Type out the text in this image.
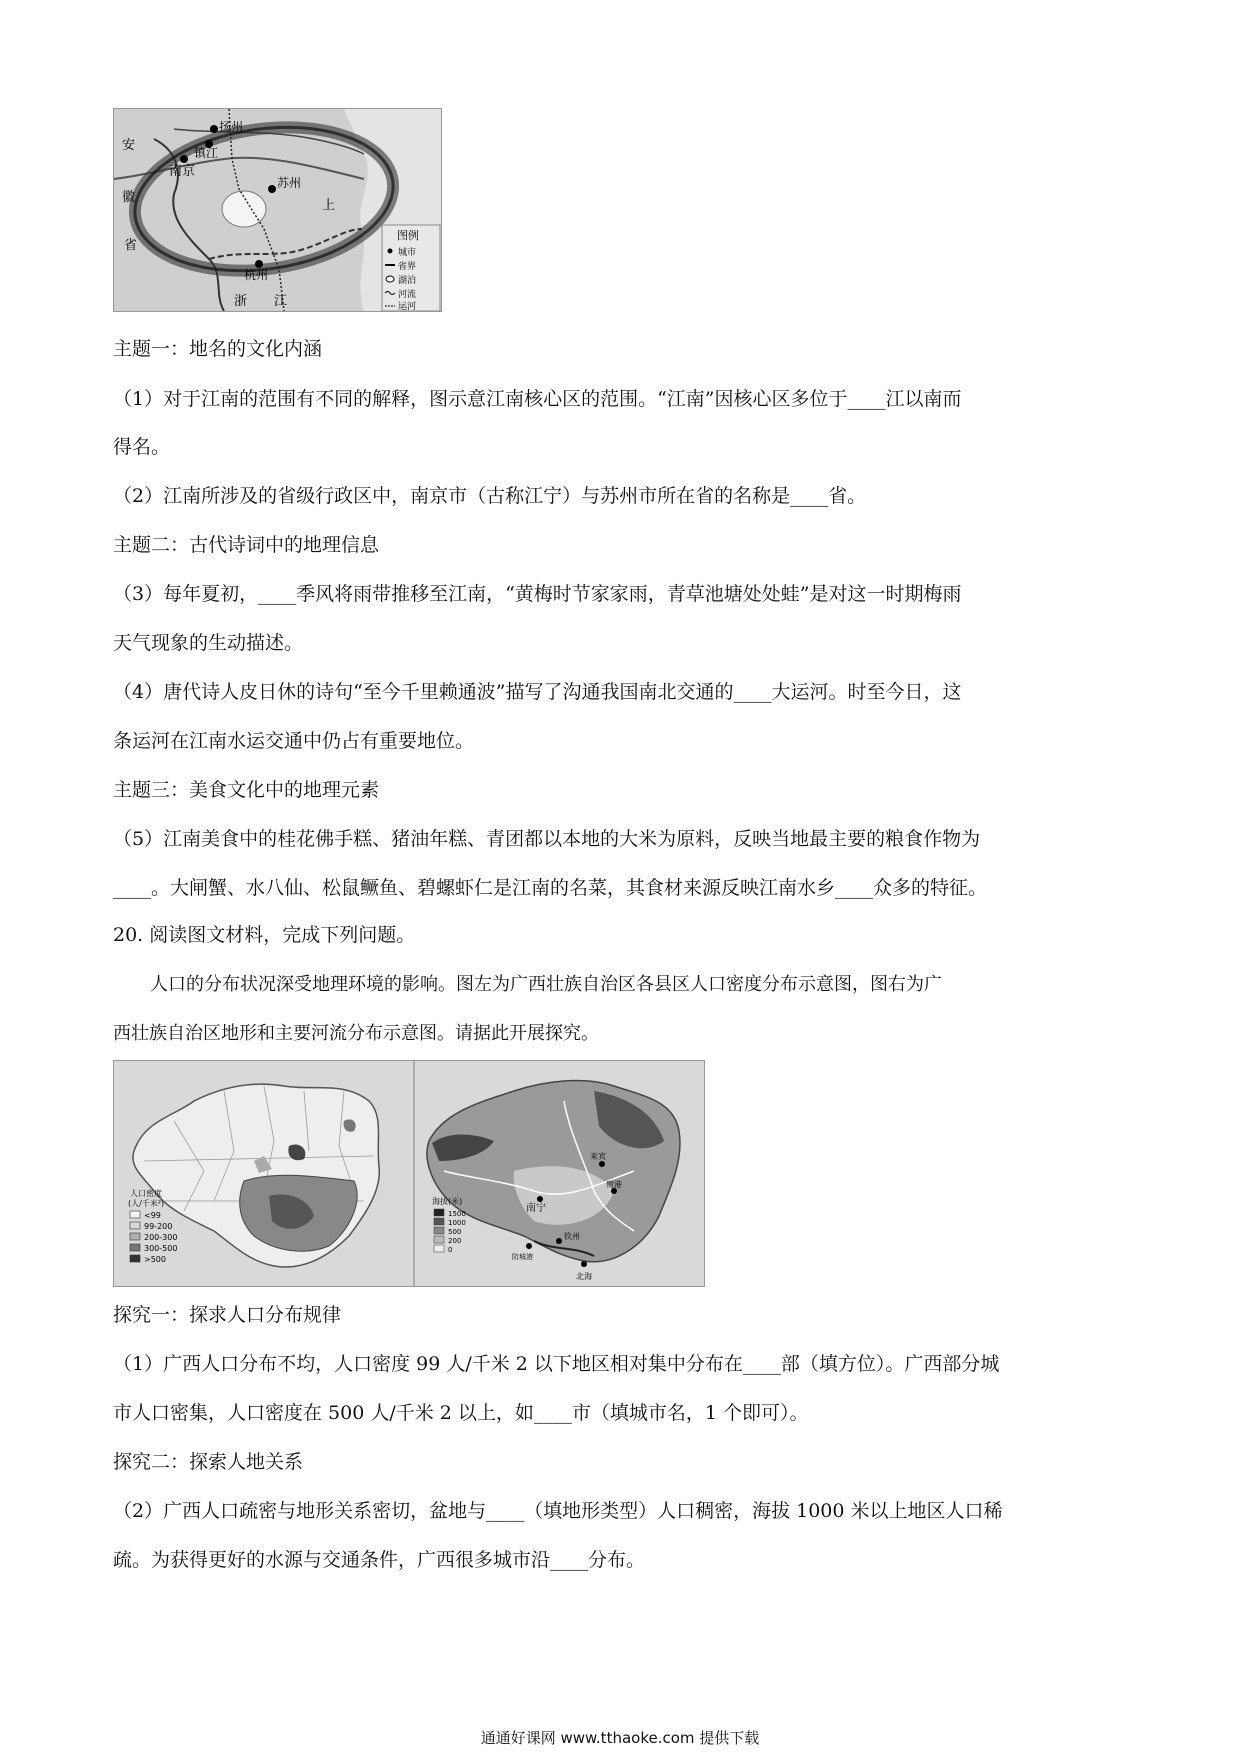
安
徽
省
南京
苏州
镇江
杭州
扬州
上
浙 江
图例
城市
省界
湖泊
河流
运河
主题一：地名的文化内涵
（1）对于江南的范围有不同的解释，图示意江南核心区的范围。“江南”因核心区多位于____江以南而
得名。
（2）江南所涉及的省级行政区中，南京市（古称江宁）与苏州市所在省的名称是____省。
主题二：古代诗词中的地理信息
（3）每年夏初，____季风将雨带推移至江南，“黄梅时节家家雨，青草池塘处处蛙”是对这一时期梅雨
天气现象的生动描述。
（4）唐代诗人皮日休的诗句“至今千里赖通波”描写了沟通我国南北交通的____大运河。时至今日，这
条运河在江南水运交通中仍占有重要地位。
主题三：美食文化中的地理元素
（5）江南美食中的桂花佛手糕、猪油年糕、青团都以本地的大米为原料，反映当地最主要的粮食作物为
____。大闸蟹、水八仙、松鼠鳜鱼、碧螺虾仁是江南的名菜，其食材来源反映江南水乡____众多的特征。
20. 阅读图文材料，完成下列问题。
人口的分布状况深受地理环境的影响。图左为广西壮族自治区各县区人口密度分布示意图，图右为广
西壮族自治区地形和主要河流分布示意图。请据此开展探究。
人口密度
(人/千米²)
<99
99-200
200-300
300-500
>500
南宁
钦州
北海
防城港
来宾
贵港
海拔(米)
1500
1000
500
200
0
探究一：探求人口分布规律
（1）广西人口分布不均，人口密度 99 人/千米 2 以下地区相对集中分布在____部（填方位）。广西部分城
市人口密集，人口密度在 500 人/千米 2 以上，如____市（填城市名，1 个即可）。
探究二：探索人地关系
（2）广西人口疏密与地形关系密切，盆地与____（填地形类型）人口稠密，海拔 1000 米以上地区人口稀
疏。为获得更好的水源与交通条件，广西很多城市沿____分布。
通通好课网 www.tthaoke.com 提供下载
